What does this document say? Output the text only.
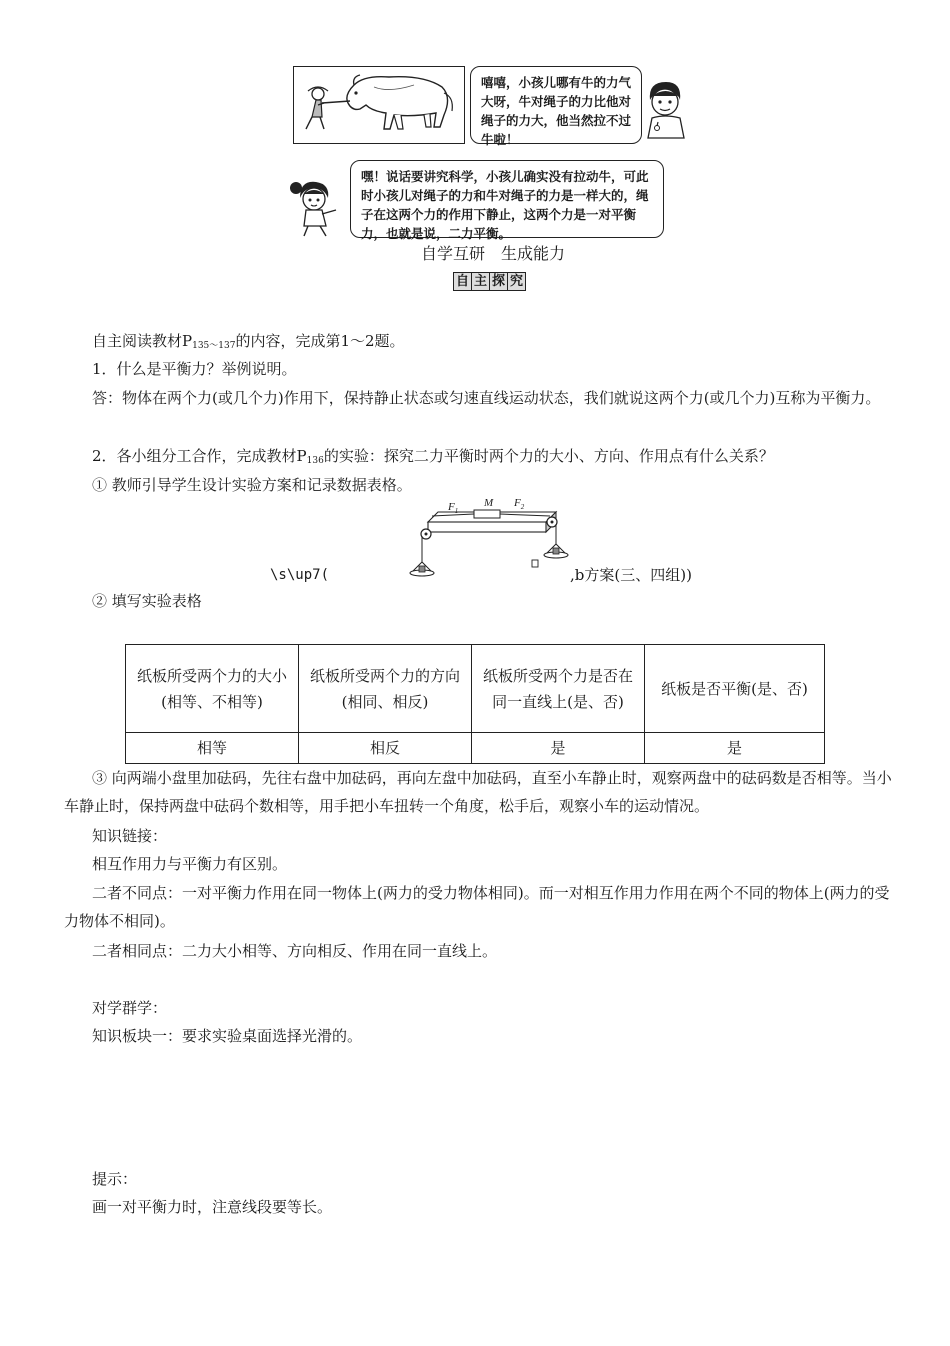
嘻嘻，小孩儿哪有牛的力气大呀，牛对绳子的力比他对绳子的力大，他当然拉不过牛啦！
嘿！说话要讲究科学，小孩儿确实没有拉动牛，可此时小孩儿对绳子的力和牛对绳子的力是一样大的，绳子在这两个力的作用下静止，这两个力是一对平衡力，也就是说，二力平衡。
自学互研　生成能力
自 主 探 究
自主阅读教材$P_{135\sim 137}$的内容，完成第1～2题。
1．什么是平衡力？举例说明。
答：物体在两个力(或几个力)作用下，保持静止状态或匀速直线运动状态，我们就说这两个力(或几个力)互称为平衡力。
2．各小组分工合作，完成教材$P_{136}$的实验：探究二力平衡时两个力的大小、方向、作用点有什么关系？
① 教师引导学生设计实验方案和记录数据表格。
$F_1$
M $F_2$
\s\up7(	,b方案(三、四组))
② 填写实验表格
纸板所受两个力的大小(相等、不相等)	纸板所受两个力的方向(相同、相反)	纸板所受两个力是否在同一直线上(是、否)	纸板是否平衡(是、否)
相等	相反	是	是
③ 向两端小盘里加砝码，先往右盘中加砝码，再向左盘中加砝码，直至小车静止时，观察两盘中的砝码数是否相等。当小车静止时，保持两盘中砝码个数相等，用手把小车扭转一个角度，松手后，观察小车的运动情况。
知识链接：
相互作用力与平衡力有区别。
二者不同点：一对平衡力作用在同一物体上(两力的受力物体相同)。而一对相互作用力作用在两个不同的物体上(两力的受力物体不相同)。
二者相同点：二力大小相等、方向相反、作用在同一直线上。
对学群学：
知识板块一：要求实验桌面选择光滑的。
提示：
画一对平衡力时，注意线段要等长。
